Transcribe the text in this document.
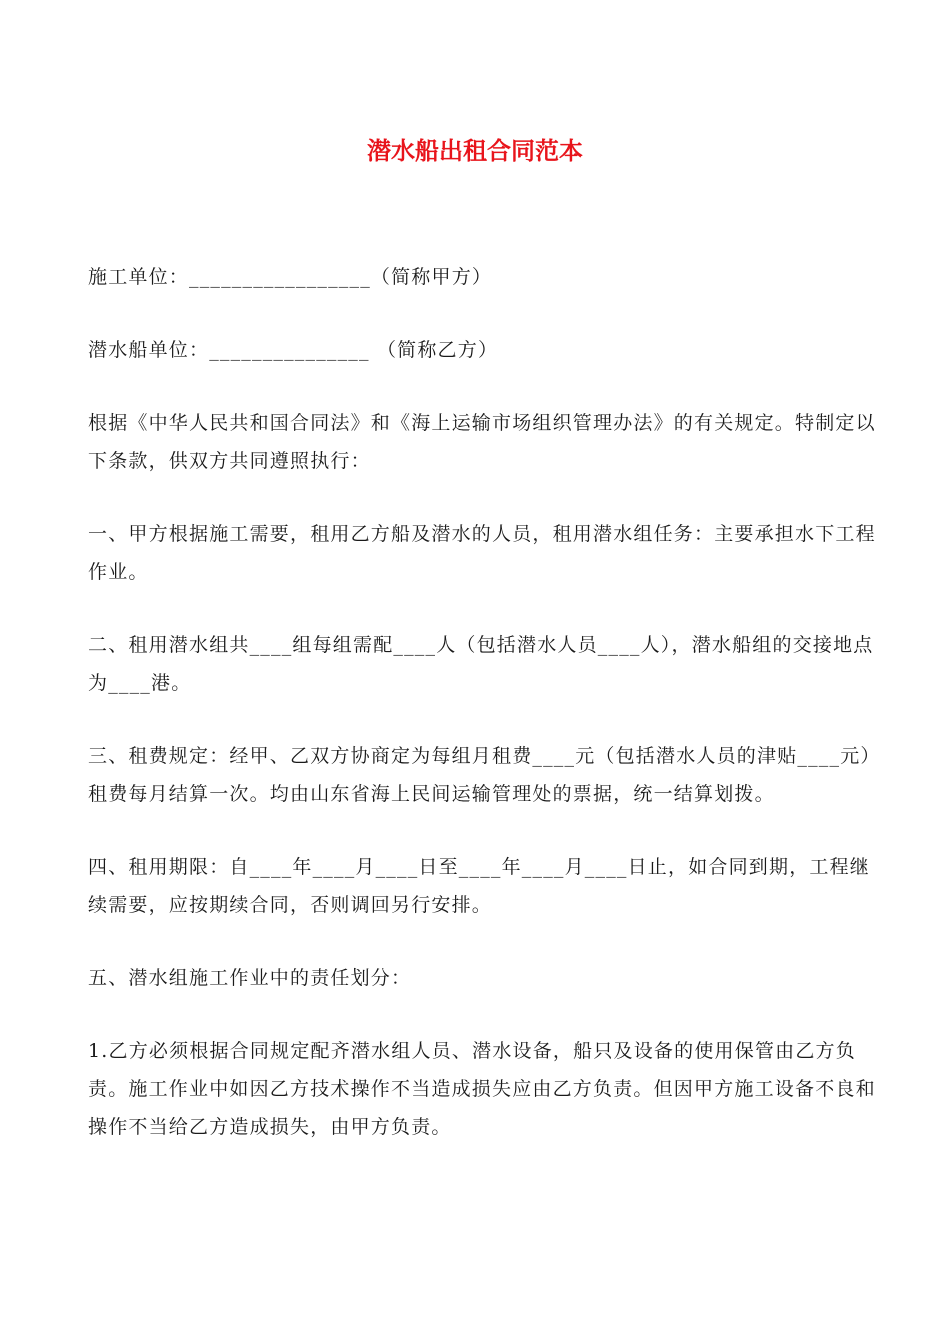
潜水船出租合同范本

施工单位：_________________（简称甲方）

潜水船单位：_______________ （简称乙方）

根据《中华人民共和国合同法》和《海上运输市场组织管理办法》的有关规定。特制定以下条款，供双方共同遵照执行：

一、甲方根据施工需要，租用乙方船及潜水的人员，租用潜水组任务：主要承担水下工程作业。

二、租用潜水组共____组每组需配____人（包括潜水人员____人），潜水船组的交接地点为____港。

三、租费规定：经甲、乙双方协商定为每组月租费____元（包括潜水人员的津贴____元）租费每月结算一次。均由山东省海上民间运输管理处的票据，统一结算划拨。

四、租用期限：自____年____月____日至____年____月____日止，如合同到期，工程继续需要，应按期续合同，否则调回另行安排。

五、潜水组施工作业中的责任划分：

1.乙方必须根据合同规定配齐潜水组人员、潜水设备，船只及设备的使用保管由乙方负责。施工作业中如因乙方技术操作不当造成损失应由乙方负责。但因甲方施工设备不良和操作不当给乙方造成损失，由甲方负责。
